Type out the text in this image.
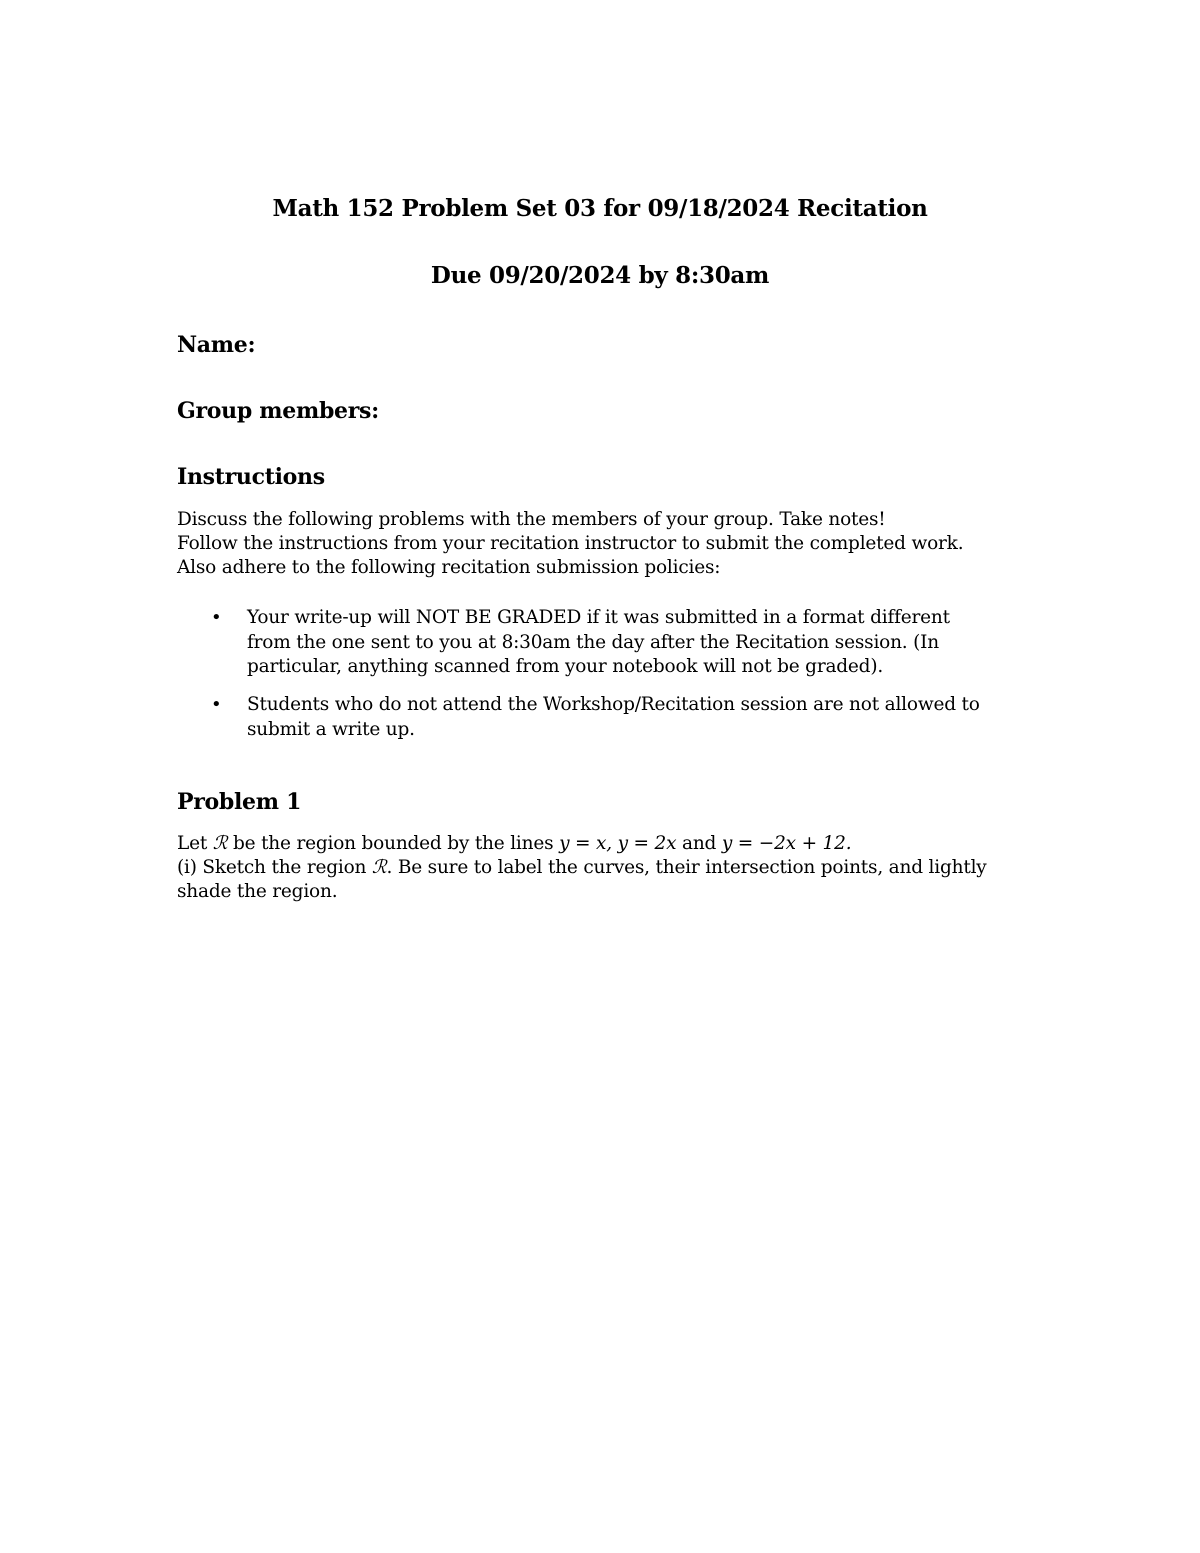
Math 152 Problem Set 03 for 09/18/2024 Recitation
Due 09/20/2024 by 8:30am
Name:
Group members:
Instructions

Discuss the following problems with the members of your group. Take notes!
Follow the instructions from your recitation instructor to submit the completed work.
Also adhere to the following recitation submission policies:

• Your write-up will NOT BE GRADED if it was submitted in a format different
from the one sent to you at 8:30am the day after the Recitation session. (In
particular, anything scanned from your notebook will not be graded).
• Students who do not attend the Workshop/Recitation session are not allowed to
submit a write up.
Problem 1

Let ℛ be the region bounded by the lines y = x, y = 2x and y = −2x + 12.
(i) Sketch the region ℛ. Be sure to label the curves, their intersection points, and lightly
shade the region.
